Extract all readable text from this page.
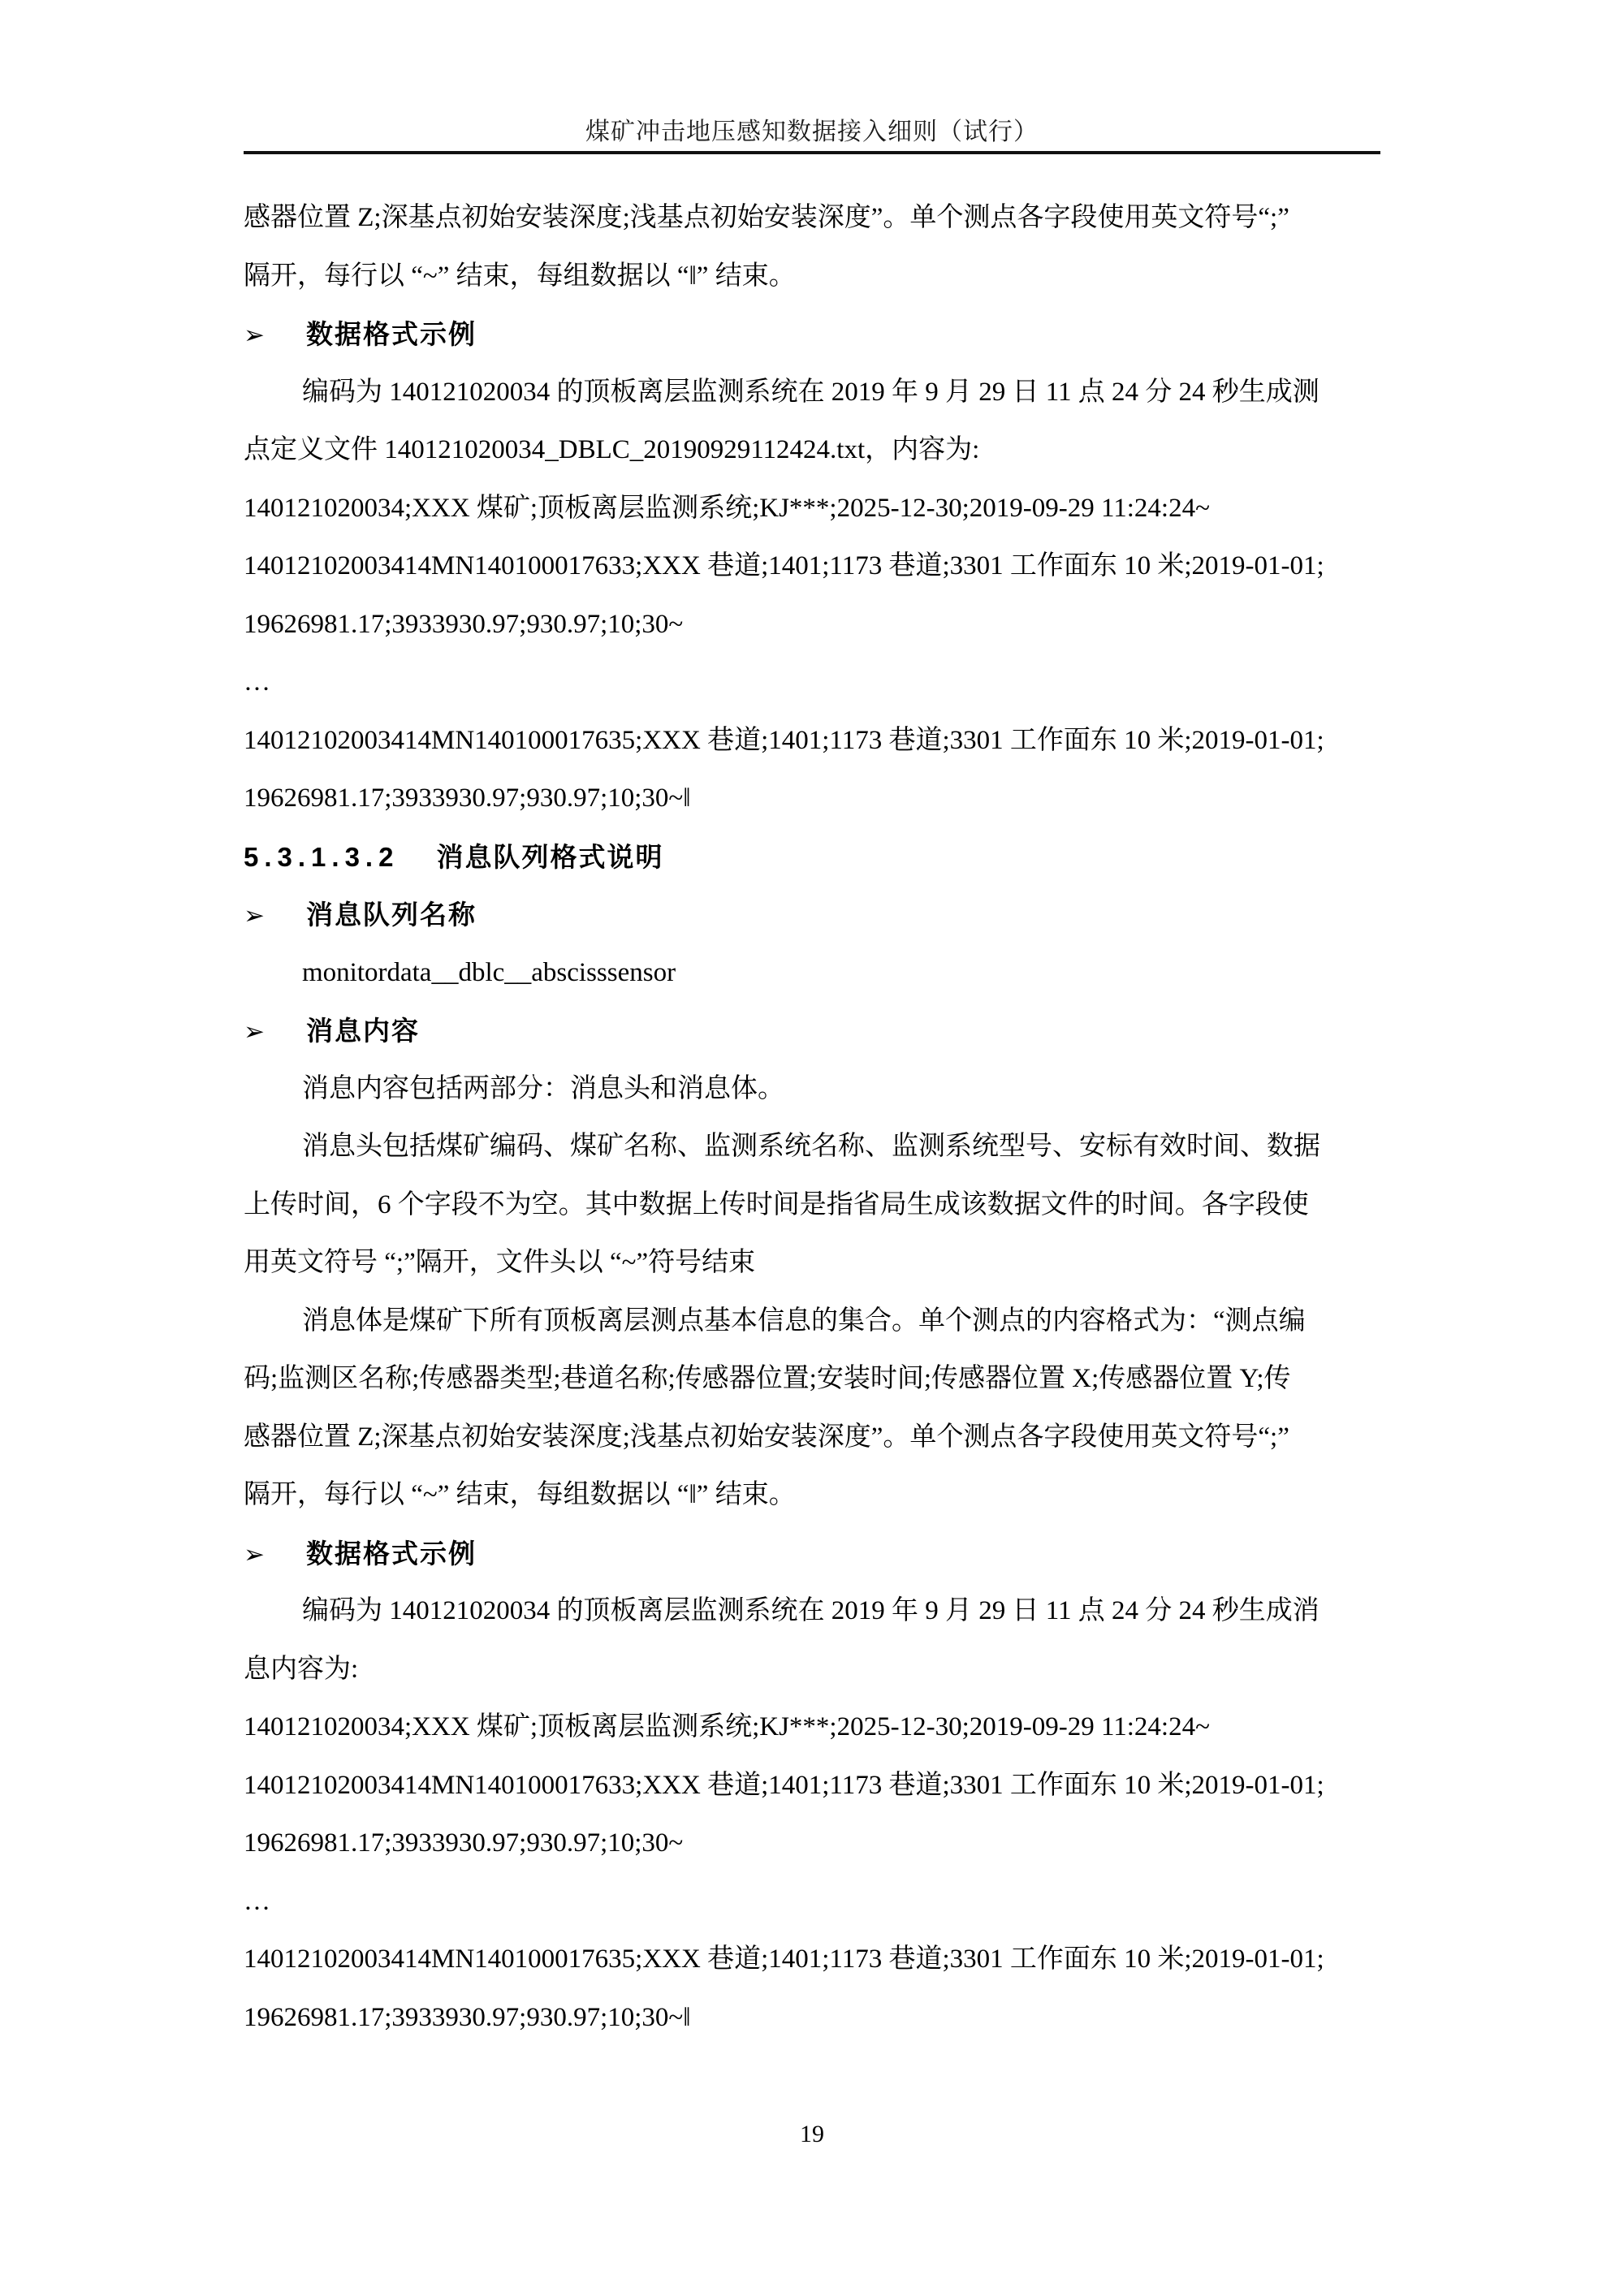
煤矿冲击地压感知数据接入细则（试行）
感器位置 Z;深基点初始安装深度;浅基点初始安装深度”。单个测点各字段使用英文符号“;”
隔开，每行以 “~” 结束，每组数据以 “‖” 结束。
➢ 数据格式示例
编码为 140121020034 的顶板离层监测系统在 2019 年 9 月 29 日 11 点 24 分 24 秒生成测
点定义文件 140121020034_DBLC_20190929112424.txt，内容为:
140121020034;XXX 煤矿;顶板离层监测系统;KJ***;2025-12-30;2019-09-29 11:24:24~
14012102003414MN140100017633;XXX 巷道;1401;1173 巷道;3301 工作面东 10 米;2019-01-01;
19626981.17;3933930.97;930.97;10;30~
…
14012102003414MN140100017635;XXX 巷道;1401;1173 巷道;3301 工作面东 10 米;2019-01-01;
19626981.17;3933930.97;930.97;10;30~‖
5.3.1.3.2 消息队列格式说明
➢ 消息队列名称
monitordata__dblc__abscisssensor
➢ 消息内容
消息内容包括两部分：消息头和消息体。
消息头包括煤矿编码、煤矿名称、监测系统名称、监测系统型号、安标有效时间、数据
上传时间，6 个字段不为空。其中数据上传时间是指省局生成该数据文件的时间。各字段使
用英文符号 “;”隔开，文件头以 “~”符号结束
消息体是煤矿下所有顶板离层测点基本信息的集合。单个测点的内容格式为：“测点编
码;监测区名称;传感器类型;巷道名称;传感器位置;安装时间;传感器位置 X;传感器位置 Y;传
感器位置 Z;深基点初始安装深度;浅基点初始安装深度”。单个测点各字段使用英文符号“;”
隔开，每行以 “~” 结束，每组数据以 “‖” 结束。
➢ 数据格式示例
编码为 140121020034 的顶板离层监测系统在 2019 年 9 月 29 日 11 点 24 分 24 秒生成消
息内容为:
140121020034;XXX 煤矿;顶板离层监测系统;KJ***;2025-12-30;2019-09-29 11:24:24~
14012102003414MN140100017633;XXX 巷道;1401;1173 巷道;3301 工作面东 10 米;2019-01-01;
19626981.17;3933930.97;930.97;10;30~
…
14012102003414MN140100017635;XXX 巷道;1401;1173 巷道;3301 工作面东 10 米;2019-01-01;
19626981.17;3933930.97;930.97;10;30~‖
19
